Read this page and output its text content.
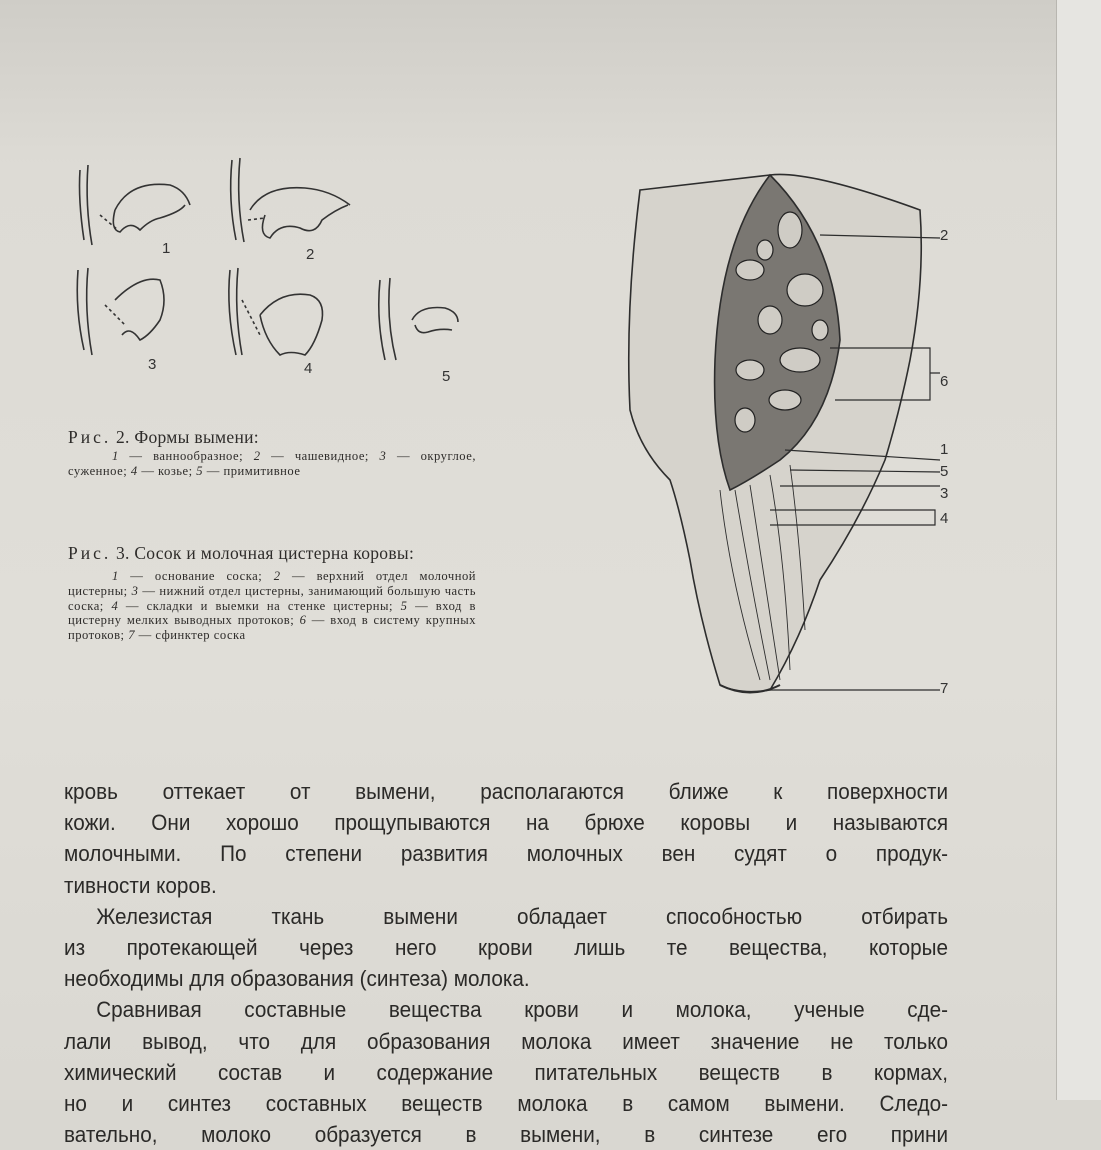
1	2
3	4	5
2
6
1
5
3
4
7
Рис. 2. Формы вымени:
1 — ваннообразное; 2 — чашевидное; 3 — округлое, суженное; 4 — козье; 5 — примитивное
Рис. 3. Сосок и молочная цистерна коровы:
1 — основание соска; 2 — верхний отдел молочной цистерны; 3 — нижний отдел цистерны, занимающий большую часть соска; 4 — складки и выемки на стенке цистерны; 5 — вход в цистерну мелких выводных протоков; 6 — вход в систему крупных протоков; 7 — сфинктер соска

кровь оттекает от вымени, располагаются ближе к поверхности

кожи. Они хорошо прощупываются на брюхе коровы и называются

молочными. По степени развития молочных вен судят о продук-

тивности коров.

Железистая ткань вымени обладает способностью отбирать

из протекающей через него крови лишь те вещества, которые

необходимы для образования (синтеза) молока.

Сравнивая составные вещества крови и молока, ученые сде-

лали вывод, что для образования молока имеет значение не только

химический состав и содержание питательных веществ в кормах,

но и синтез составных веществ молока в самом вымени. Следо-

вательно, молоко образуется в вымени, в синтезе его прини
